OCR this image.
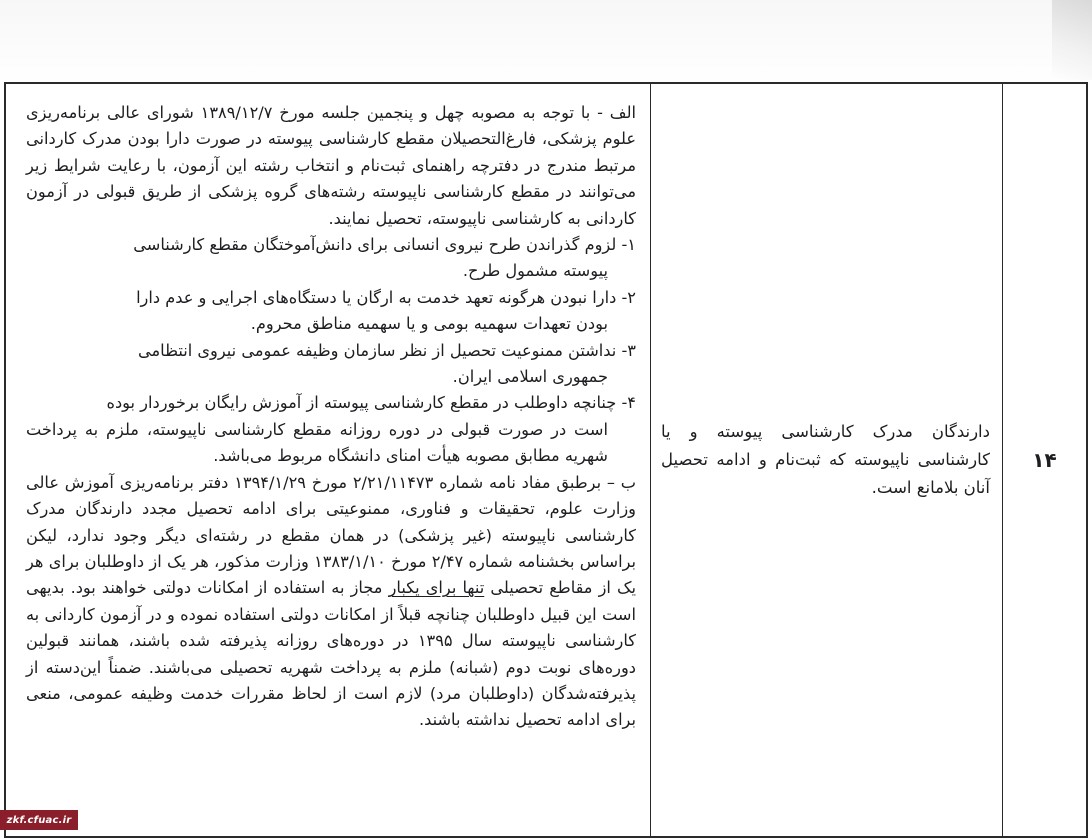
۱۴

دارندگان مدرک کارشناسی پیوسته و یا کارشناسی ناپیوسته که ثبت‌نام و ادامه تحصیل آنان بلامانع است.

الف - با توجه به مصوبه چهل و پنجمین جلسه مورخ ۱۳۸۹/۱۲/۷ شورای عالی برنامه‌ریزی علوم پزشکی، فارغ‌التحصیلان مقطع کارشناسی پیوسته در صورت دارا بودن مدرک کاردانی مرتبط مندرج در دفترچه راهنمای ثبت‌نام و انتخاب رشته این آزمون، با رعایت شرایط زیر می‌توانند در مقطع کارشناسی ناپیوسته رشته‌های گروه پزشکی از طریق قبولی در آزمون کاردانی به کارشناسی ناپیوسته، تحصیل نمایند.

۱- لزوم گذراندن طرح نیروی انسانی برای دانش‌آموختگان مقطع کارشناسی
پیوسته مشمول طرح.

۲- دارا نبودن هرگونه تعهد خدمت به ارگان یا دستگاه‌های اجرایی و عدم دارا
بودن تعهدات سهمیه بومی و یا سهمیه مناطق محروم.

۳- نداشتن ممنوعیت تحصیل از نظر سازمان وظیفه عمومی نیروی انتظامی
جمهوری اسلامی ایران.

۴- چنانچه داوطلب در مقطع کارشناسی پیوسته از آموزش رایگان برخوردار بوده
است در صورت قبولی در دوره روزانه مقطع کارشناسی ناپیوسته، ملزم به پرداخت شهریه مطابق مصوبه هیأت امنای دانشگاه مربوط می‌باشد.

ب – برطبق مفاد نامه شماره ۲/۲۱/۱۱۴۷۳ مورخ ۱۳۹۴/۱/۲۹ دفتر برنامه‌ریزی آموزش عالی وزارت علوم، تحقیقات و فناوری، ممنوعیتی برای ادامه تحصیل مجدد دارندگان مدرک کارشناسی ناپیوسته (غیر پزشکی) در همان مقطع در رشته‌ای دیگر وجود ندارد، لیکن براساس بخشنامه شماره ۲/۴۷ مورخ ۱۳۸۳/۱/۱۰ وزارت مذکور، هر یک از داوطلبان برای هر یک از مقاطع تحصیلی تنها برای یکبار مجاز به استفاده از امکانات دولتی خواهند بود. بدیهی است این قبیل داوطلبان چنانچه قبلاً از امکانات دولتی استفاده نموده و در آزمون کاردانی به کارشناسی ناپیوسته سال ۱۳۹۵ در دوره‌های روزانه پذیرفته شده باشند، همانند قبولین دوره‌های نوبت دوم (شبانه) ملزم به پرداخت شهریه تحصیلی می‌باشند. ضمناً این‌دسته از پذیرفته‌شدگان (داوطلبان مرد) لازم است از لحاظ مقررات خدمت وظیفه عمومی، منعی برای ادامه تحصیل نداشته باشند.

zkf.cfuac.ir
